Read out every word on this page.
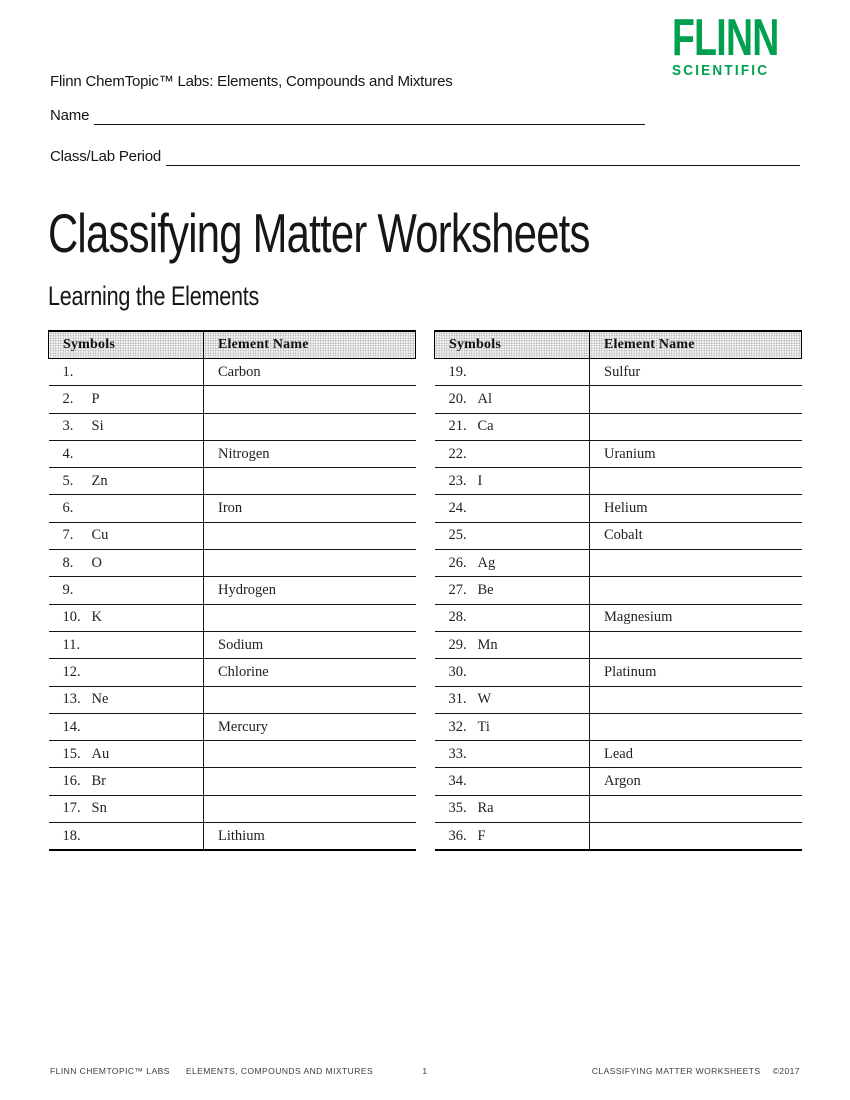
Flinn ChemTopic™ Labs: Elements, Compounds and Mixtures
FLINN
SCIENTIFIC
Name
Class/Lab Period
Classifying Matter Worksheets
Learning the Elements
Symbols	Element Name
1.	Carbon
2. P	
3. Si	
4.	Nitrogen
5. Zn	
6.	Iron
7. Cu	
8. O	
9.	Hydrogen
10. K	
11.	Sodium
12.	Chlorine
13. Ne	
14.	Mercury
15. Au	
16. Br	
17. Sn	
18.	Lithium
Symbols	Element Name
19.	Sulfur
20. Al	
21. Ca	
22.	Uranium
23. I	
24.	Helium
25.	Cobalt
26. Ag	
27. Be	
28.	Magnesium
29. Mn	
30.	Platinum
31. W	
32. Ti	
33.	Lead
34.	Argon
35. Ra	
36. F	
FLINN CHEMTOPIC™ LABS ELEMENTS, COMPOUNDS AND MIXTURES	1	CLASSIFYING MATTER WORKSHEETS ©2017
